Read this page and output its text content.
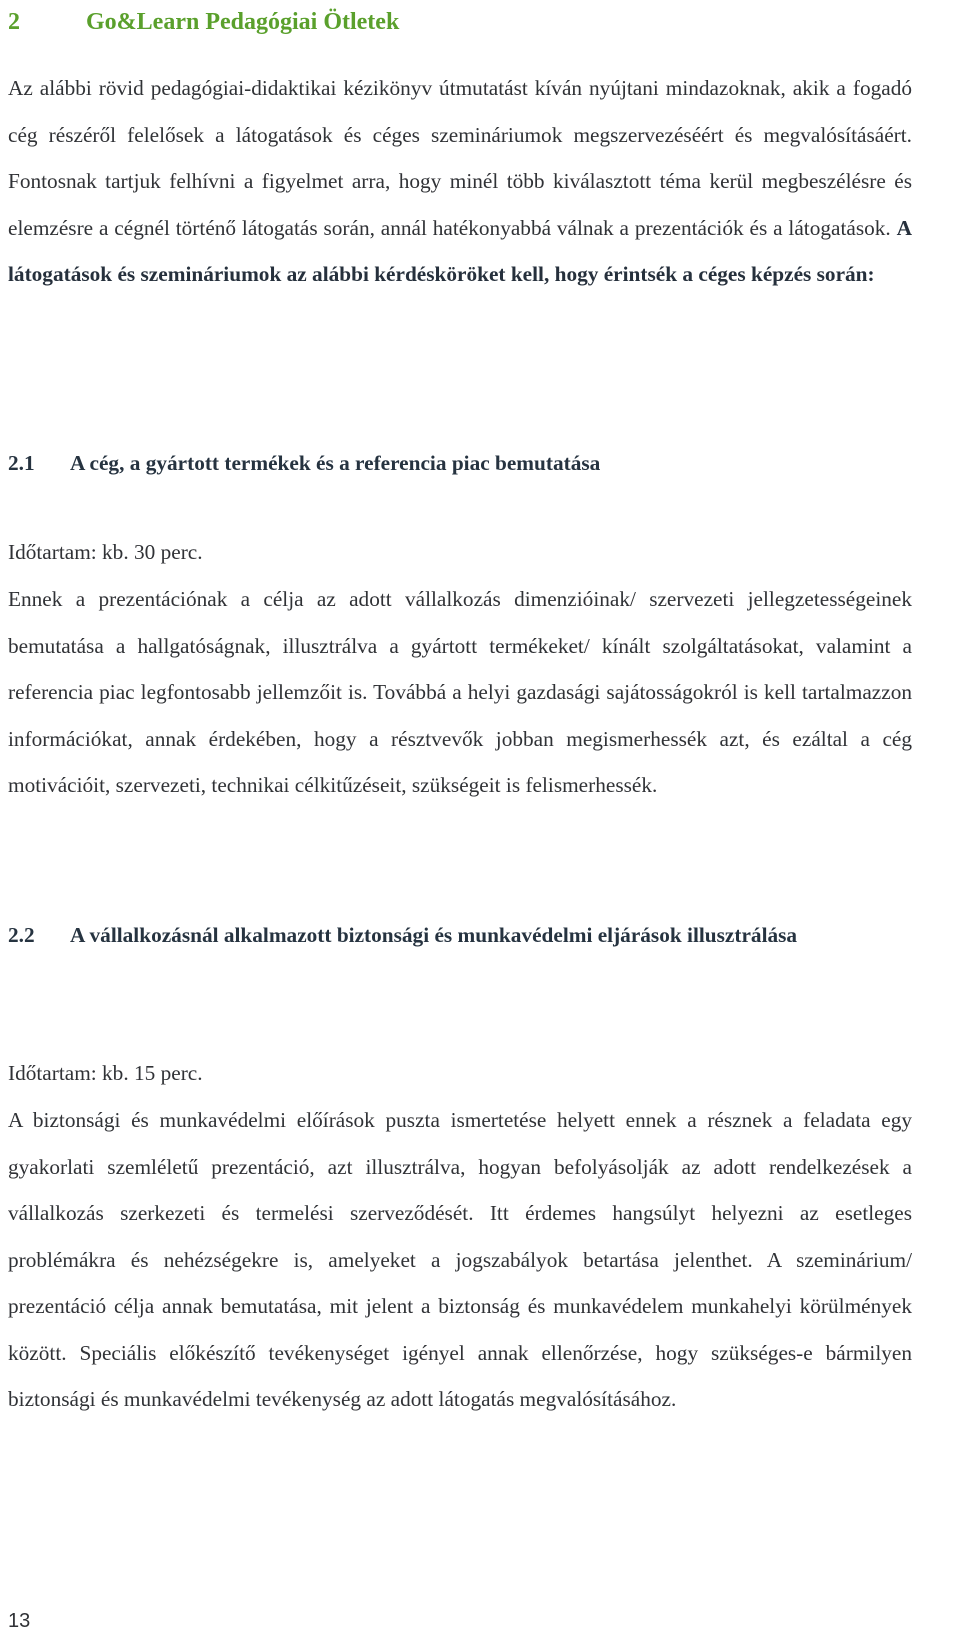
2	Go&Learn Pedagógiai Ötletek
Az alábbi rövid pedagógiai-didaktikai kézikönyv útmutatást kíván nyújtani mindazoknak, akik a fogadó cég részéről felelősek a látogatások és céges szemináriumok megszervezéséért és megvalósításáért. Fontosnak tartjuk felhívni a figyelmet arra, hogy minél több kiválasztott téma kerül megbeszélésre és elemzésre a cégnél történő látogatás során, annál hatékonyabbá válnak a prezentációk és a látogatások. A látogatások és szemináriumok az alábbi kérdésköröket kell, hogy érintsék a céges képzés során:
2.1	A cég, a gyártott termékek és a referencia piac bemutatása
Időtartam: kb. 30 perc.
Ennek a prezentációnak a célja az adott vállalkozás dimenzióinak/ szervezeti jellegzetességeinek bemutatása a hallgatóságnak, illusztrálva a gyártott termékeket/ kínált szolgáltatásokat, valamint a referencia piac legfontosabb jellemzőit is. Továbbá a helyi gazdasági sajátosságokról is kell tartalmazzon információkat, annak érdekében, hogy a résztvevők jobban megismerhessék azt, és ezáltal a cég motivációit, szervezeti, technikai célkitűzéseit, szükségeit is felismerhessék.
2.2	A vállalkozásnál alkalmazott biztonsági és munkavédelmi eljárások illusztrálása
Időtartam: kb. 15 perc.
A biztonsági és munkavédelmi előírások puszta ismertetése helyett ennek a résznek a feladata egy gyakorlati szemléletű prezentáció, azt illusztrálva, hogyan befolyásolják az adott rendelkezések a vállalkozás szerkezeti és termelési szerveződését. Itt érdemes hangsúlyt helyezni az esetleges problémákra és nehézségekre is, amelyeket a jogszabályok betartása jelenthet. A szeminárium/ prezentáció célja annak bemutatása, mit jelent a biztonság és munkavédelem munkahelyi körülmények között. Speciális előkészítő tevékenységet igényel annak ellenőrzése, hogy szükséges-e bármilyen biztonsági és munkavédelmi tevékenység az adott látogatás megvalósításához.
13
